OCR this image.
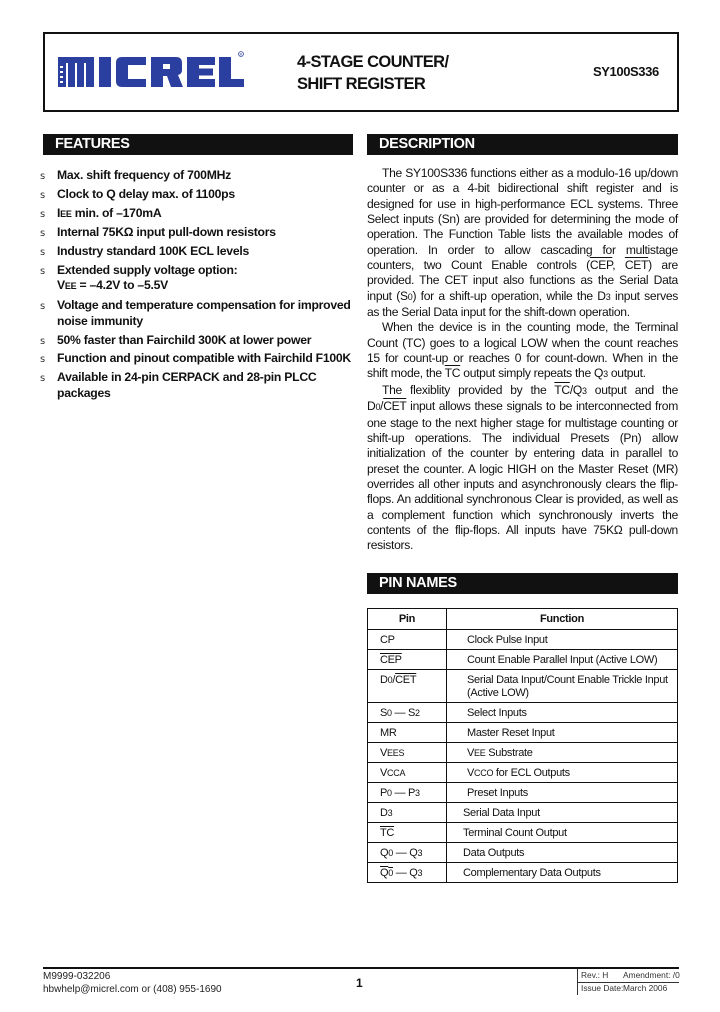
R	4-STAGE COUNTER/
SHIFT REGISTER
SY100S336
FEATURES
s Max. shift frequency of 700MHz
s Clock to Q delay max. of 1100ps
s IEE min. of –170mA
s Internal 75KΩ input pull-down resistors
s Industry standard 100K ECL levels
s Extended supply voltage option:
VEE = –4.2V to –5.5V
s Voltage and temperature compensation for improved noise immunity
s 50% faster than Fairchild 300K at lower power
s Function and pinout compatible with Fairchild F100K
s Available in 24-pin CERPACK and 28-pin PLCC packages
DESCRIPTION

The SY100S336 functions either as a modulo-16 up/down counter or as a 4-bit bidirectional shift register and is designed for use in high-performance ECL systems. Three Select inputs (Sn) are provided for determining the mode of operation. The Function Table lists the available modes of operation. In order to allow cascading for multistage counters, two Count Enable controls ($\overline{CEP}$, $\overline{CET}$) are provided. The CET input also functions as the Serial Data input (S0) for a shift-up operation, while the D3 input serves as the Serial Data input for the shift-down operation.

When the device is in the counting mode, the Terminal Count (TC) goes to a logical LOW when the count reaches 15 for count-up or reaches 0 for count-down. When in the shift mode, the $\overline{TC}$ output simply repeats the Q3 output.

The flexiblity provided by the $\overline{TC}/Q3$ output and the $D0/\overline{CET}$ input allows these signals to be interconnected from one stage to the next higher stage for multistage counting or shift-up operations. The individual Presets (Pn) allow initialization of the counter by entering data in parallel to preset the counter. A logic HIGH on the Master Reset (MR) overrides all other inputs and asynchronously clears the flip-flops. An additional synchronous Clear is provided, as well as a complement function which synchronously inverts the contents of the flip-flops. All inputs have 75KΩ pull-down resistors.

PIN NAMES
Pin	Function
CP	Clock Pulse Input
$\overline{CEP}$	Count Enable Parallel Input (Active LOW)
$D0/\overline{CET}$	Serial Data Input/Count Enable Trickle Input (Active LOW)
S0 — S2	Select Inputs
MR	Master Reset Input
VEES	VEE Substrate
VCCA	VCCO for ECL Outputs
P0 — P3	Preset Inputs
D3	Serial Data Input
$\overline{TC}$	Terminal Count Output
Q0 — Q3	Data Outputs
Q0 — Q3	Complementary Data Outputs
M9999-032206
hbwhelp@micrel.com or (408) 955-1690	1
Rev.: H Amendment: /0
Issue Date: March 2006
